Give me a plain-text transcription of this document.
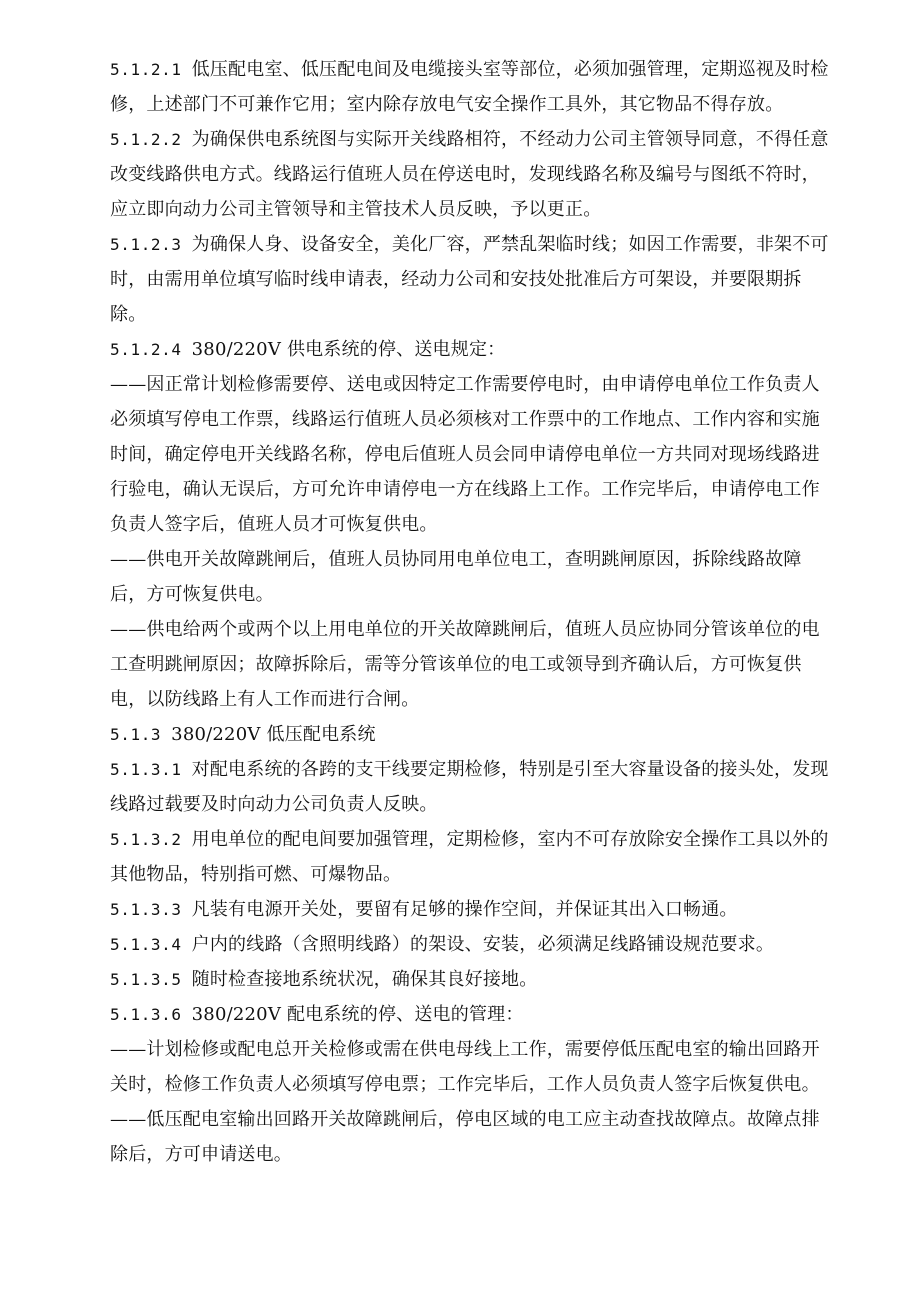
5.1.2.1 低压配电室、低压配电间及电缆接头室等部位，必须加强管理，定期巡视及时检修，上述部门不可兼作它用；室内除存放电气安全操作工具外，其它物品不得存放。

5.1.2.2 为确保供电系统图与实际开关线路相符，不经动力公司主管领导同意，不得任意改变线路供电方式。线路运行值班人员在停送电时，发现线路名称及编号与图纸不符时，应立即向动力公司主管领导和主管技术人员反映，予以更正。

5.1.2.3 为确保人身、设备安全，美化厂容，严禁乱架临时线；如因工作需要，非架不可时，由需用单位填写临时线申请表，经动力公司和安技处批准后方可架设，并要限期拆除。

5.1.2.4 380/220V 供电系统的停、送电规定：

——因正常计划检修需要停、送电或因特定工作需要停电时，由申请停电单位工作负责人必须填写停电工作票，线路运行值班人员必须核对工作票中的工作地点、工作内容和实施时间，确定停电开关线路名称，停电后值班人员会同申请停电单位一方共同对现场线路进行验电，确认无误后，方可允许申请停电一方在线路上工作。工作完毕后，申请停电工作负责人签字后，值班人员才可恢复供电。

——供电开关故障跳闸后，值班人员协同用电单位电工，查明跳闸原因，拆除线路故障后，方可恢复供电。

——供电给两个或两个以上用电单位的开关故障跳闸后，值班人员应协同分管该单位的电工查明跳闸原因；故障拆除后，需等分管该单位的电工或领导到齐确认后，方可恢复供电，以防线路上有人工作而进行合闸。

5.1.3 380/220V 低压配电系统

5.1.3.1 对配电系统的各跨的支干线要定期检修，特别是引至大容量设备的接头处，发现线路过载要及时向动力公司负责人反映。

5.1.3.2 用电单位的配电间要加强管理，定期检修，室内不可存放除安全操作工具以外的其他物品，特别指可燃、可爆物品。

5.1.3.3 凡装有电源开关处，要留有足够的操作空间，并保证其出入口畅通。

5.1.3.4 户内的线路（含照明线路）的架设、安装，必须满足线路铺设规范要求。

5.1.3.5 随时检查接地系统状况，确保其良好接地。

5.1.3.6 380/220V 配电系统的停、送电的管理：

——计划检修或配电总开关检修或需在供电母线上工作，需要停低压配电室的输出回路开关时，检修工作负责人必须填写停电票；工作完毕后，工作人员负责人签字后恢复供电。

——低压配电室输出回路开关故障跳闸后，停电区域的电工应主动查找故障点。故障点排除后，方可申请送电。
